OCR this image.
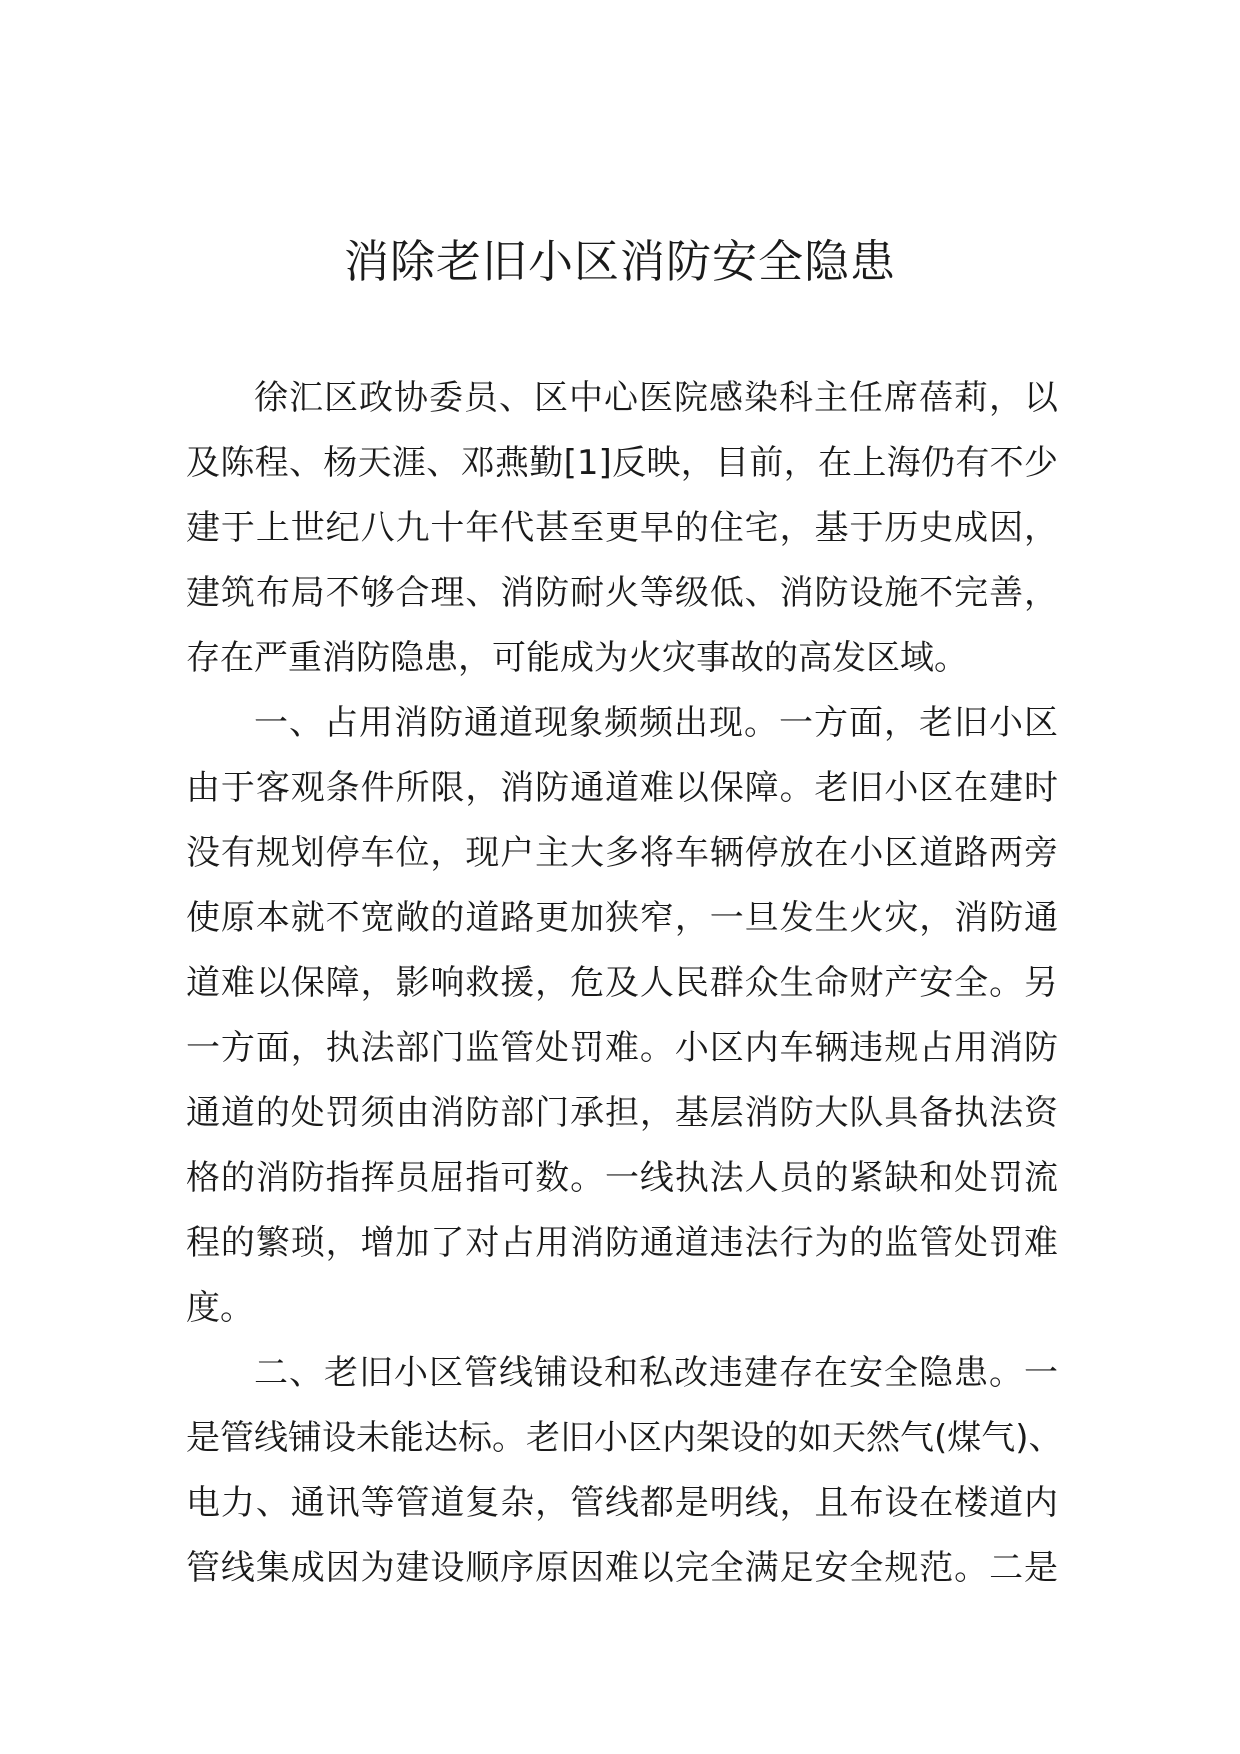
消除老旧小区消防安全隐患
徐汇区政协委员、区中心医院感染科主任席蓓莉，以
及陈程、杨天涯、邓燕勤[1]反映，目前，在上海仍有不少
建于上世纪八九十年代甚至更早的住宅，基于历史成因，
建筑布局不够合理、消防耐火等级低、消防设施不完善，
存在严重消防隐患，可能成为火灾事故的高发区域。
一、占用消防通道现象频频出现。一方面，老旧小区
由于客观条件所限，消防通道难以保障。老旧小区在建时
没有规划停车位，现户主大多将车辆停放在小区道路两旁
使原本就不宽敞的道路更加狭窄，一旦发生火灾，消防通
道难以保障，影响救援，危及人民群众生命财产安全。另
一方面，执法部门监管处罚难。小区内车辆违规占用消防
通道的处罚须由消防部门承担，基层消防大队具备执法资
格的消防指挥员屈指可数。一线执法人员的紧缺和处罚流
程的繁琐，增加了对占用消防通道违法行为的监管处罚难
度。
二、老旧小区管线铺设和私改违建存在安全隐患。一
是管线铺设未能达标。老旧小区内架设的如天然气(煤气)、
电力、通讯等管道复杂，管线都是明线，且布设在楼道内
管线集成因为建设顺序原因难以完全满足安全规范。二是
